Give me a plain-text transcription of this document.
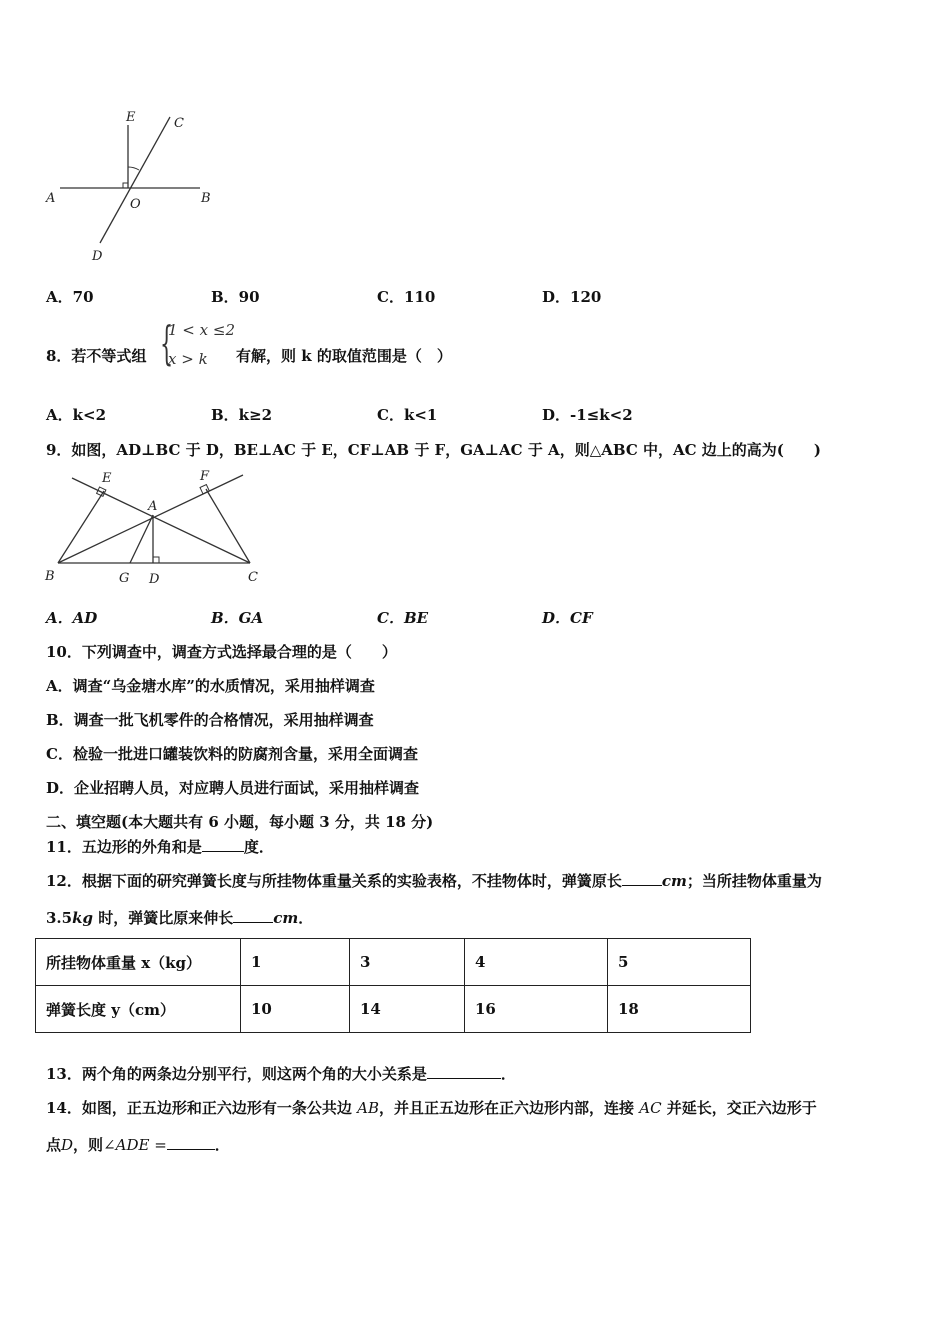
E	C
A	O	B
D
A．70	B．90	C．110	D．120
8．若不等式组 {
1 < x ≤2
x > k 有解，则 k 的取值范围是（　）
A．k<2	B．k≥2	C．k<1	D．-1≤k<2
9．如图，AD⊥BC 于 D，BE⊥AC 于 E，CF⊥AB 于 F，GA⊥AC 于 A，则△ABC 中，AC 边上的高为(　　)
E	F
A
B	G D	C
A．AD	B．GA	C．BE	D．CF
10．下列调查中，调查方式选择最合理的是（　　）
A．调查“乌金塘水库”的水质情况，采用抽样调查
B．调查一批飞机零件的合格情况，采用抽样调查
C．检验一批进口罐装饮料的防腐剂含量，采用全面调查
D．企业招聘人员，对应聘人员进行面试，采用抽样调查
二、填空题(本大题共有 6 小题，每小题 3 分，共 18 分)
11．五边形的外角和是	度．
12．根据下面的研究弹簧长度与所挂物体重量关系的实验表格，不挂物体时，弹簧原长	cm；当所挂物体重量为
3.5kg 时，弹簧比原来伸长	cm．
所挂物体重量 x（kg）	1	3	4	5
弹簧长度 y（cm）	10	14	16	18
13．两个角的两条边分别平行，则这两个角的大小关系是	．
14．如图，正五边形和正六边形有一条公共边 AB，并且正五边形在正六边形内部，连接 AC 并延长，交正六边形于
点D，则∠ADE =	．
